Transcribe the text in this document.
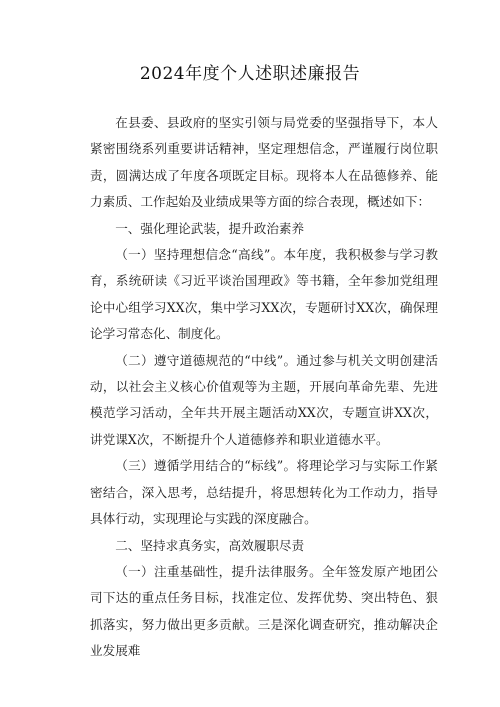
2024年度个人述职述廉报告

在县委、县政府的坚实引领与局党委的坚强指导下，本人紧密围绕系列重要讲话精神，坚定理想信念，严谨履行岗位职责，圆满达成了年度各项既定目标。现将本人在品德修养、能力素质、工作起始及业绩成果等方面的综合表现，概述如下：

一、强化理论武装，提升政治素养

（一）坚持理想信念“高线”。本年度，我积极参与学习教育，系统研读《习近平谈治国理政》等书籍，全年参加党组理论中心组学习XX次，集中学习XX次，专题研讨XX次，确保理论学习常态化、制度化。

（二）遵守道德规范的“中线”。通过参与机关文明创建活动，以社会主义核心价值观等为主题，开展向革命先辈、先进模范学习活动，全年共开展主题活动XX次，专题宣讲XX次，讲党课X次，不断提升个人道德修养和职业道德水平。

（三）遵循学用结合的“标线”。将理论学习与实际工作紧密结合，深入思考，总结提升，将思想转化为工作动力，指导具体行动，实现理论与实践的深度融合。

二、坚持求真务实，高效履职尽责

（一）注重基础性，提升法律服务。全年签发原产地团公司下达的重点任务目标，找准定位、发挥优势、突出特色、狠抓落实，努力做出更多贡献。三是深化调查研究，推动解决企业发展难
